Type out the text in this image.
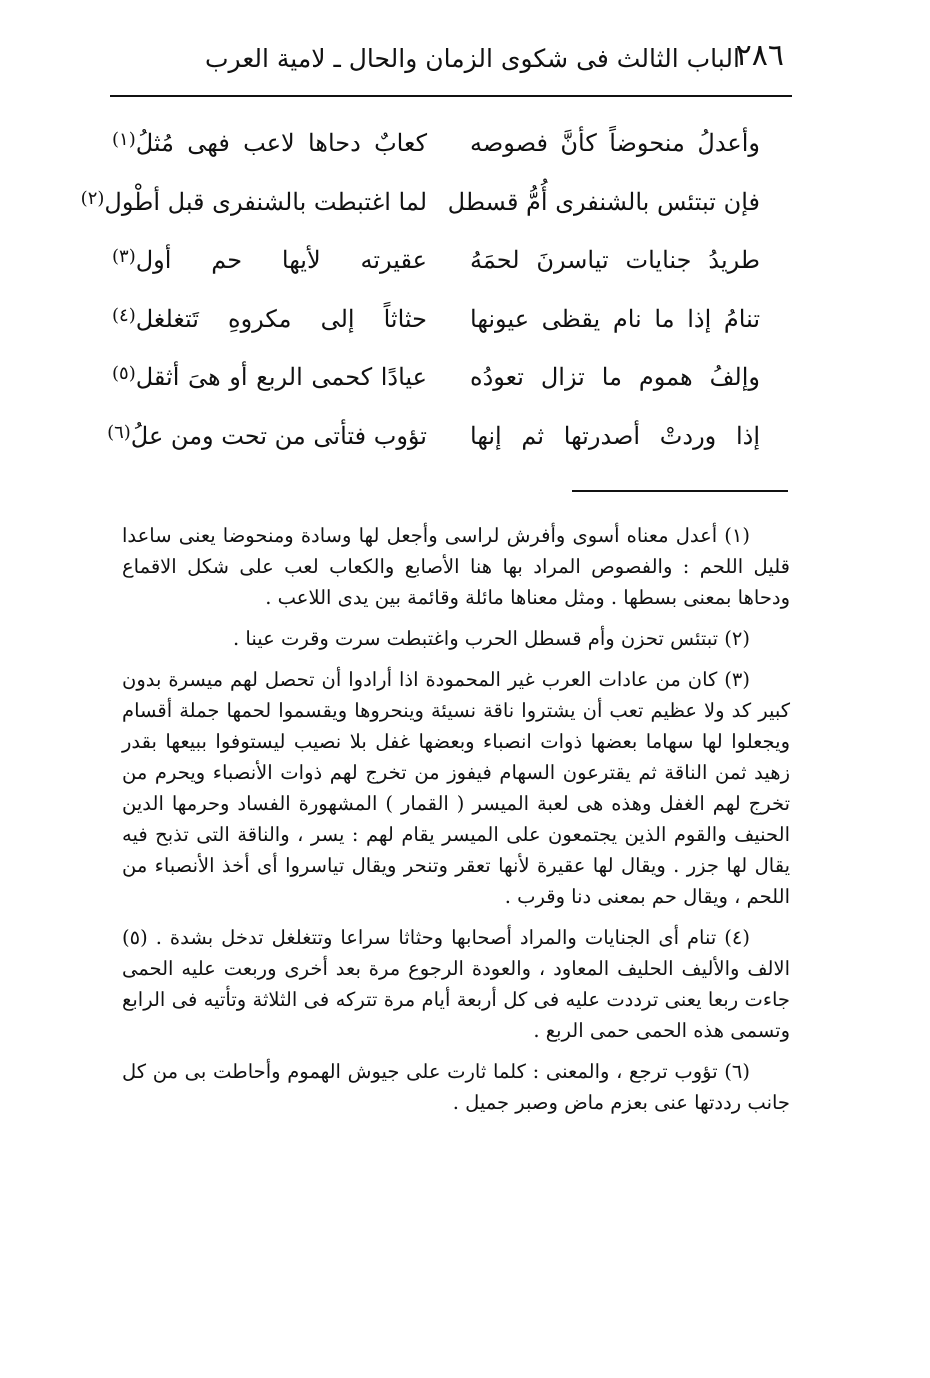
٢٨٦
الباب الثالث فى شكوى الزمان والحال ـ لامية العرب
وأعدلُ منحوضاً كأنَّ فصوصه
كعابٌ دحاها لاعب فهى مُثلُ$^{(١)}$
فإن تبتئس بالشنفرى أُمُّ قسطل
لما اغتبطت بالشنفرى قبل أطْول$^{(٢)}$
طريدُ جنايات تياسرنَ لحمَهُ
عقيرته لأيها حم أول$^{(٣)}$
تنامُ إذا ما نام يقظى عيونها
حثاثاً إلى مكروهِ تَتغلغل$^{(٤)}$
وإلفُ هموم ما تزال تعودُه
عيادًا كحمى الربع أو هىَ أثقل$^{(٥)}$
إذا وردتْ أصدرتها ثم إنها
تؤوب فتأتى من تحت ومن علُ$^{(٦)}$

(١) أعدل معناه أسوى وأفرش لراسى وأجعل لها وسادة ومنحوضا يعنى ساعدا قليل اللحم : والفصوص المراد بها هنا الأصابع والكعاب لعب على شكل الاقماع ودحاها بمعنى بسطها . ومثل معناها مائلة وقائمة بين يدى اللاعب .

(٢) تبتئس تحزن وأم قسطل الحرب واغتبطت سرت وقرت عينا .

(٣) كان من عادات العرب غير المحمودة اذا أرادوا أن تحصل لهم ميسرة بدون كبير كد ولا عظيم تعب أن يشتروا ناقة نسيئة وينحروها ويقسموا لحمها جملة أقسام ويجعلوا لها سهاما بعضها ذوات انصباء وبعضها غفل بلا نصيب ليستوفوا ببيعها بقدر زهيد ثمن الناقة ثم يقترعون السهام فيفوز من تخرج لهم ذوات الأنصباء ويحرم من تخرج لهم الغفل وهذه هى لعبة الميسر ( القمار ) المشهورة الفساد وحرمها الدين الحنيف والقوم الذين يجتمعون على الميسر يقام لهم : يسر ، والناقة التى تذبح فيه يقال لها جزر . ويقال لها عقيرة لأنها تعقر وتنحر ويقال تياسروا أى أخذ الأنصباء من اللحم ، ويقال حم بمعنى دنا وقرب .

(٤) تنام أى الجنايات والمراد أصحابها وحثاثا سراعا وتتغلغل تدخل بشدة . (٥) الالف والأليف الحليف المعاود ، والعودة الرجوع مرة بعد أخرى وربعت عليه الحمى جاءت ربعا يعنى ترددت عليه فى كل أربعة أيام مرة تتركه فى الثلاثة وتأتيه فى الرابع وتسمى هذه الحمى حمى الربع .

(٦) تؤوب ترجع ، والمعنى : كلما ثارت على جيوش الهموم وأحاطت بى من كل جانب رددتها عنى بعزم ماض وصبر جميل .
